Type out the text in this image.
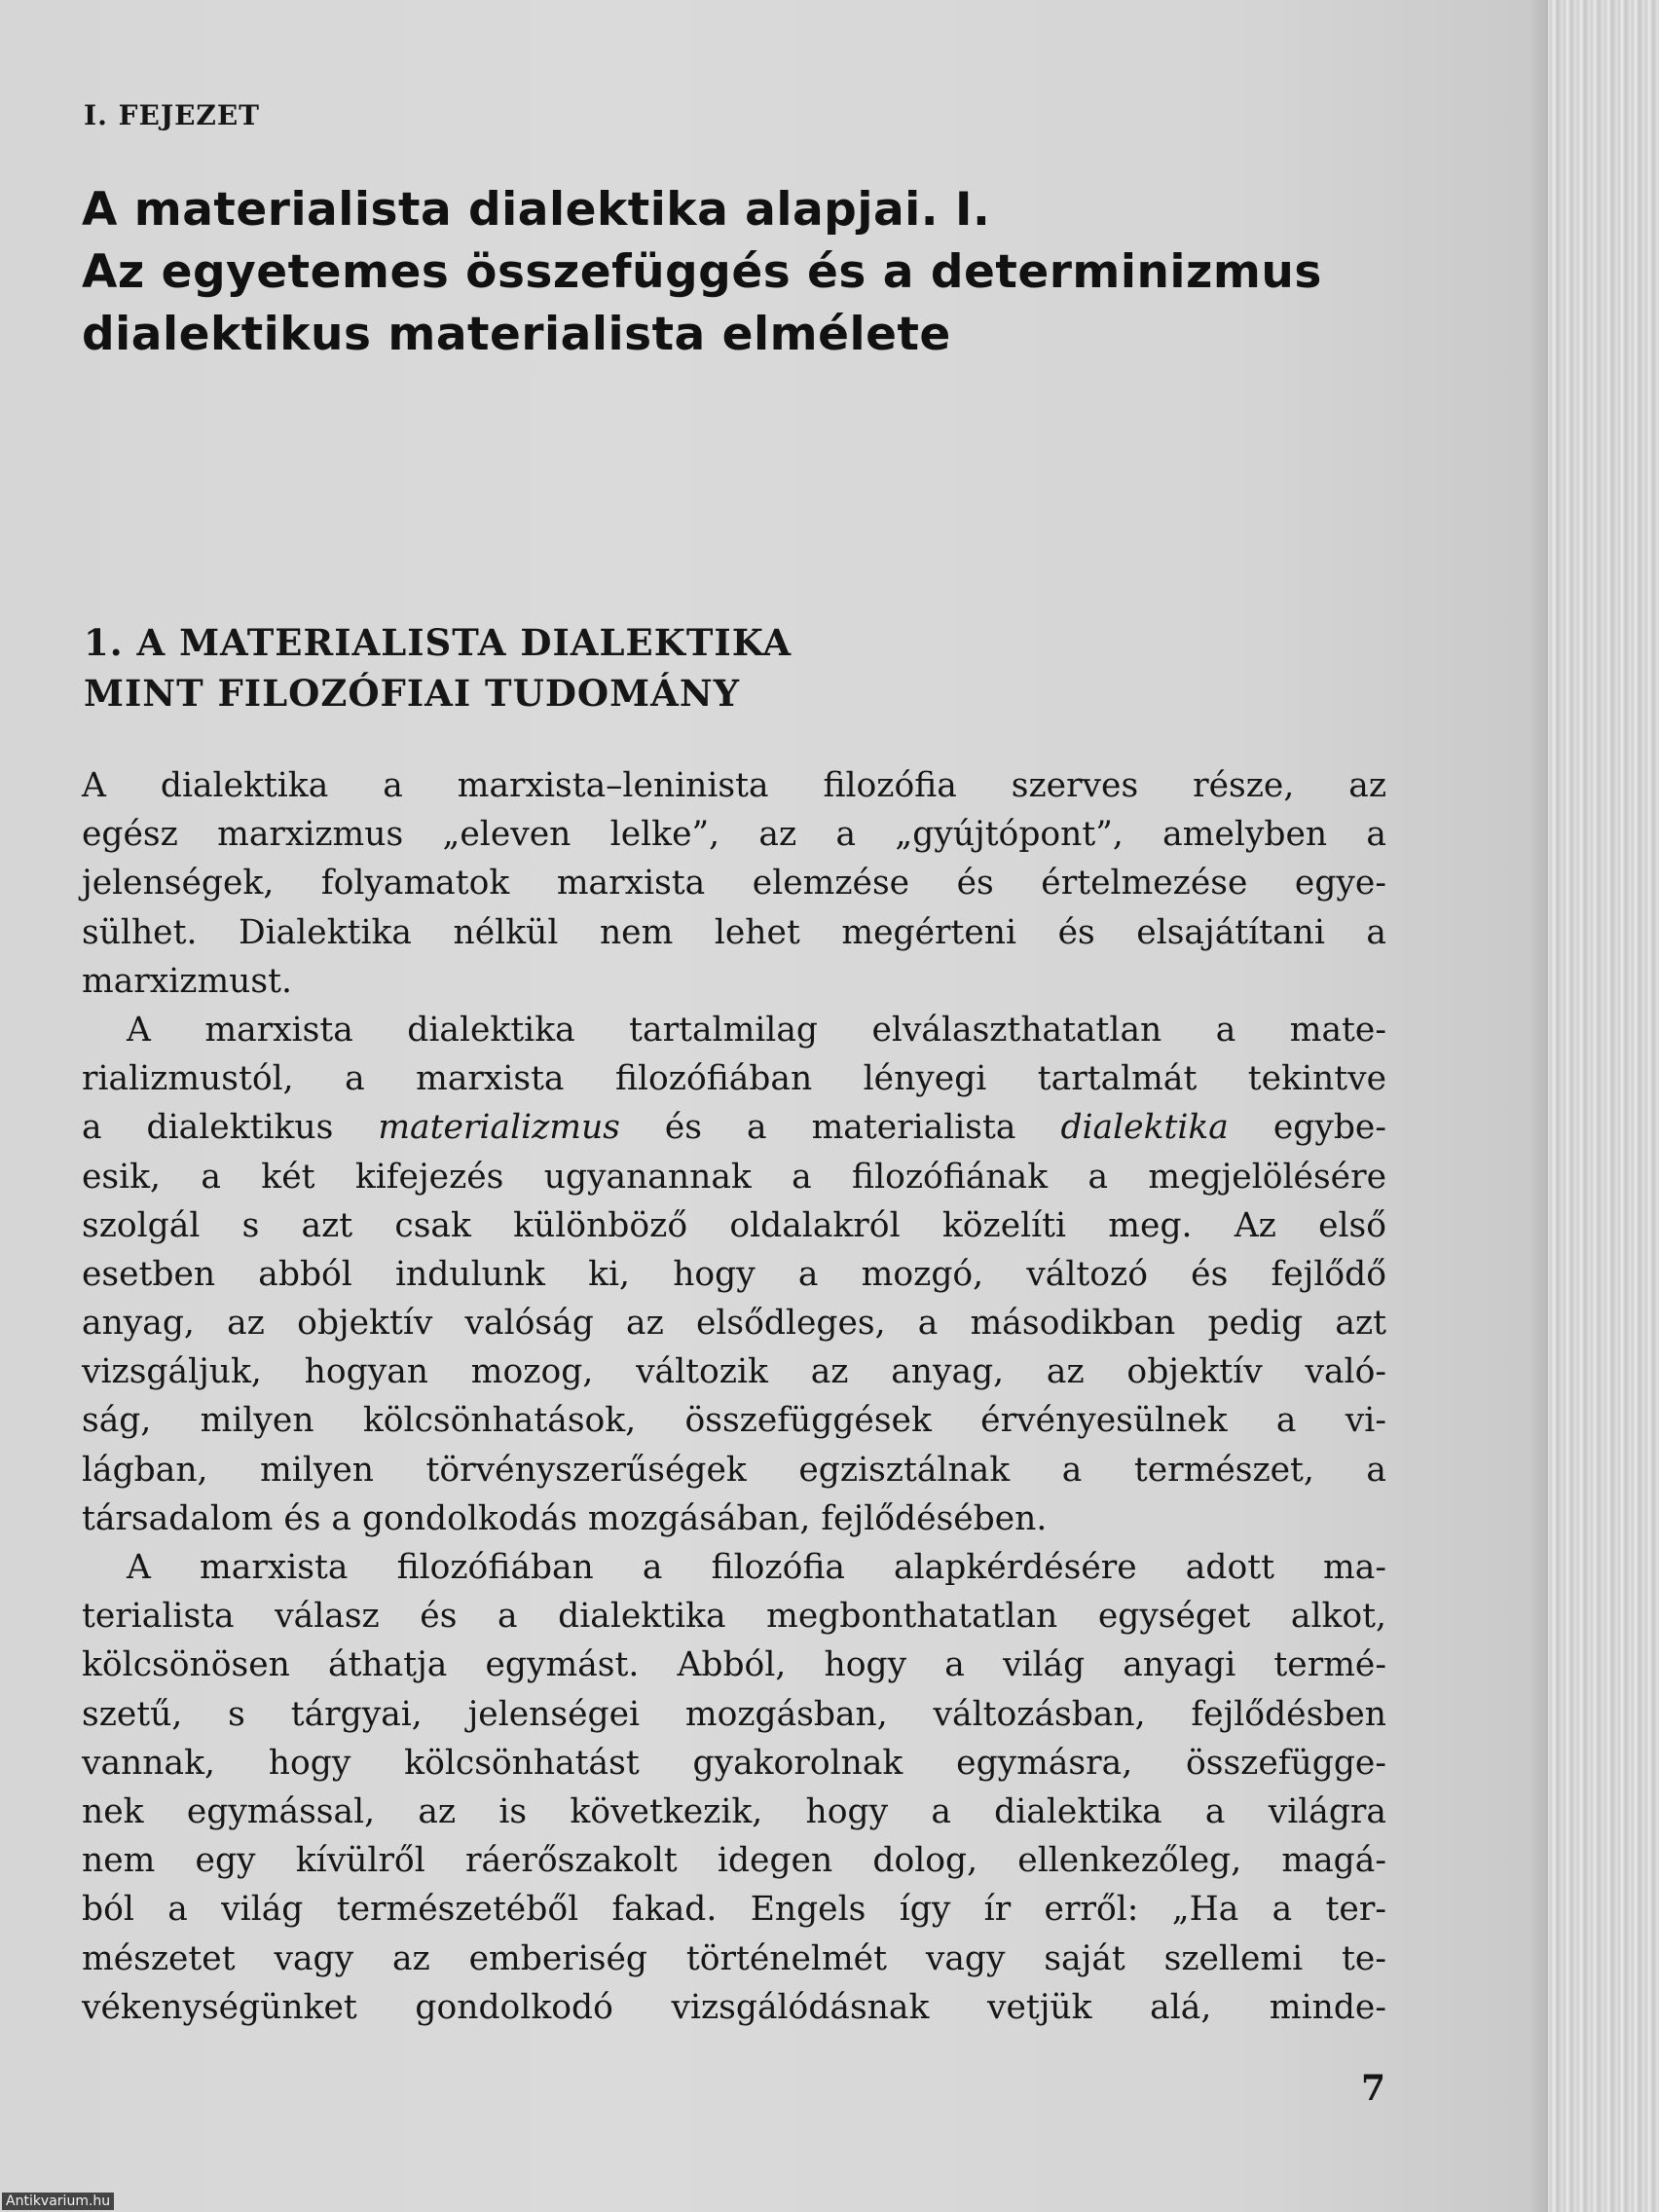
I. FEJEZET
A materialista dialektika alapjai. I.
Az egyetemes összefüggés és a determinizmus
dialektikus materialista elmélete
1. A MATERIALISTA DIALEKTIKA
MINT FILOZÓFIAI TUDOMÁNY
A dialektika a marxista–leninista filozófia szerves része, az
egész marxizmus „eleven lelke”, az a „gyújtópont”, amelyben a
jelenségek, folyamatok marxista elemzése és értelmezése egye-
sülhet. Dialektika nélkül nem lehet megérteni és elsajátítani a
marxizmust.
A marxista dialektika tartalmilag elválaszthatatlan a mate-
rializmustól, a marxista filozófiában lényegi tartalmát tekintve
a dialektikus materializmus és a materialista dialektika egybe-
esik, a két kifejezés ugyanannak a filozófiának a megjelölésére
szolgál s azt csak különböző oldalakról közelíti meg. Az első
esetben abból indulunk ki, hogy a mozgó, változó és fejlődő
anyag, az objektív valóság az elsődleges, a másodikban pedig azt
vizsgáljuk, hogyan mozog, változik az anyag, az objektív való-
ság, milyen kölcsönhatások, összefüggések érvényesülnek a vi-
lágban, milyen törvényszerűségek egzisztálnak a természet, a
társadalom és a gondolkodás mozgásában, fejlődésében.
A marxista filozófiában a filozófia alapkérdésére adott ma-
terialista válasz és a dialektika megbonthatatlan egységet alkot,
kölcsönösen áthatja egymást. Abból, hogy a világ anyagi termé-
szetű, s tárgyai, jelenségei mozgásban, változásban, fejlődésben
vannak, hogy kölcsönhatást gyakorolnak egymásra, összefügge-
nek egymással, az is következik, hogy a dialektika a világra
nem egy kívülről ráerőszakolt idegen dolog, ellenkezőleg, magá-
ból a világ természetéből fakad. Engels így ír erről: „Ha a ter-
mészetet vagy az emberiség történelmét vagy saját szellemi te-
vékenységünket gondolkodó vizsgálódásnak vetjük alá, minde-
7
Antikvarium.hu
